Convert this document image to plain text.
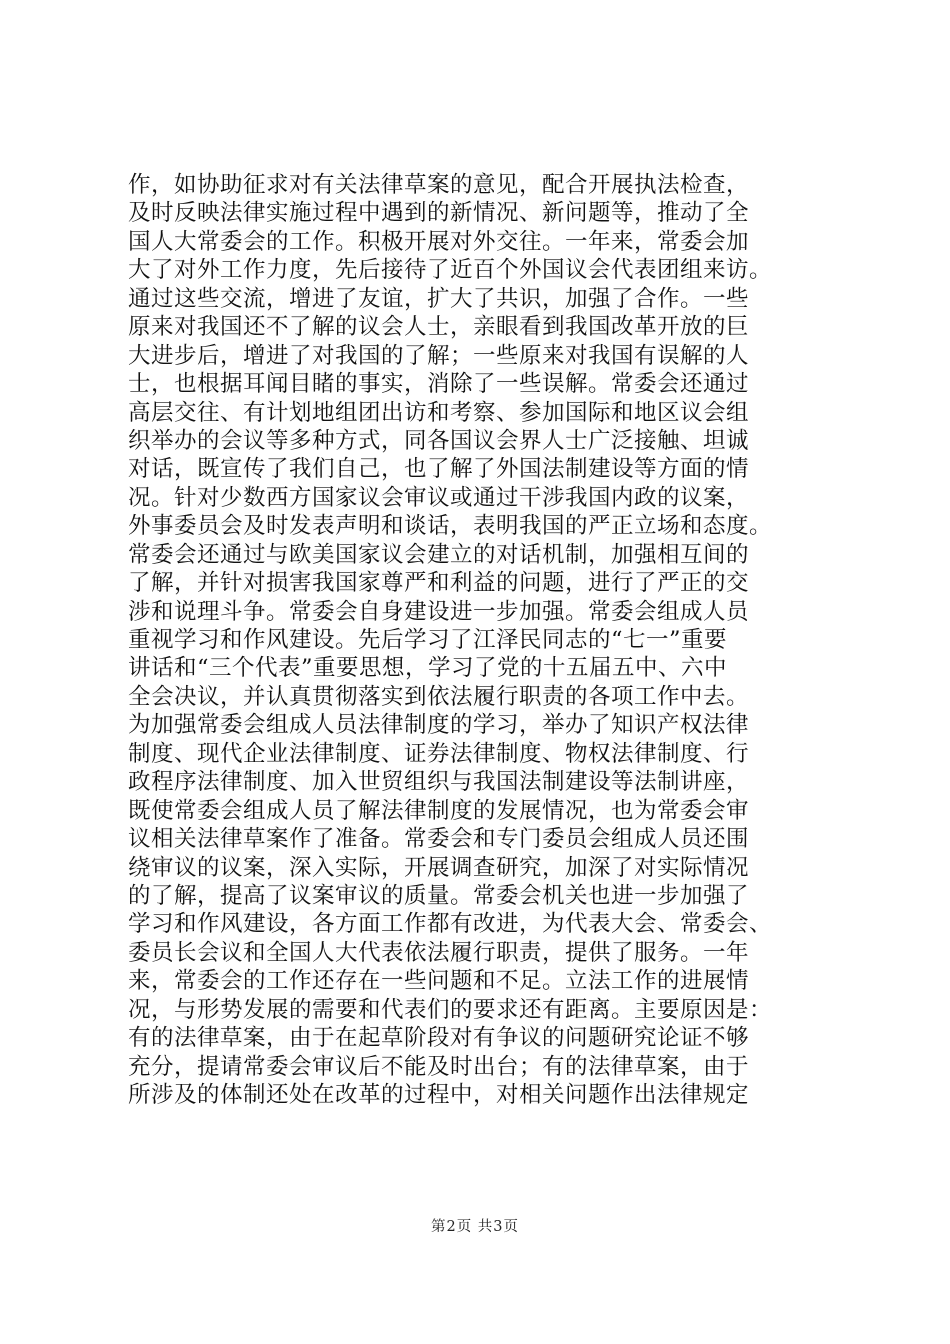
作，如协助征求对有关法律草案的意见，配合开展执法检查，
及时反映法律实施过程中遇到的新情况、新问题等，推动了全
国人大常委会的工作。积极开展对外交往。一年来，常委会加
大了对外工作力度，先后接待了近百个外国议会代表团组来访。
通过这些交流，增进了友谊，扩大了共识，加强了合作。一些
原来对我国还不了解的议会人士，亲眼看到我国改革开放的巨
大进步后，增进了对我国的了解；一些原来对我国有误解的人
士，也根据耳闻目睹的事实，消除了一些误解。常委会还通过
高层交往、有计划地组团出访和考察、参加国际和地区议会组
织举办的会议等多种方式，同各国议会界人士广泛接触、坦诚
对话，既宣传了我们自己，也了解了外国法制建设等方面的情
况。针对少数西方国家议会审议或通过干涉我国内政的议案，
外事委员会及时发表声明和谈话，表明我国的严正立场和态度。
常委会还通过与欧美国家议会建立的对话机制，加强相互间的
了解，并针对损害我国家尊严和利益的问题，进行了严正的交
涉和说理斗争。常委会自身建设进一步加强。常委会组成人员
重视学习和作风建设。先后学习了江泽民同志的“七一”重要
讲话和“三个代表”重要思想，学习了党的十五届五中、六中
全会决议，并认真贯彻落实到依法履行职责的各项工作中去。
为加强常委会组成人员法律制度的学习，举办了知识产权法律
制度、现代企业法律制度、证券法律制度、物权法律制度、行
政程序法律制度、加入世贸组织与我国法制建设等法制讲座，
既使常委会组成人员了解法律制度的发展情况，也为常委会审
议相关法律草案作了准备。常委会和专门委员会组成人员还围
绕审议的议案，深入实际，开展调查研究，加深了对实际情况
的了解，提高了议案审议的质量。常委会机关也进一步加强了
学习和作风建设，各方面工作都有改进，为代表大会、常委会、
委员长会议和全国人大代表依法履行职责，提供了服务。一年
来，常委会的工作还存在一些问题和不足。立法工作的进展情
况，与形势发展的需要和代表们的要求还有距离。主要原因是：
有的法律草案，由于在起草阶段对有争议的问题研究论证不够
充分，提请常委会审议后不能及时出台；有的法律草案，由于
所涉及的体制还处在改革的过程中，对相关问题作出法律规定
第2页 共3页
